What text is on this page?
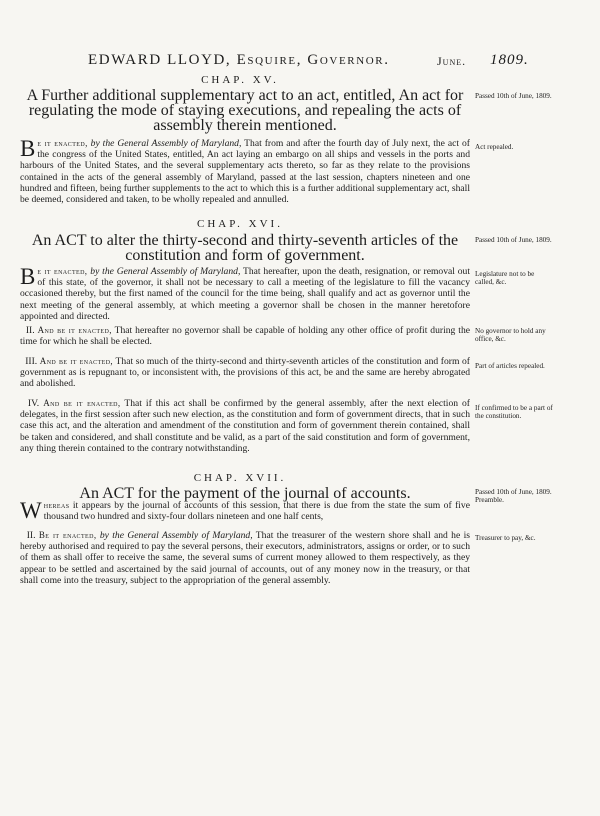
EDWARD LLOYD, Esquire, Governor.	June. 1809.
CHAP. XV.
A Further additional supplementary act to an act, entitled, An act for regulating the mode of staying executions, and repealing the acts of assembly therein mentioned.

Be it enacted, by the General Assembly of Maryland, That from and after the fourth day of July next, the act of the congress of the United States, entitled, An act laying an embargo on all ships and vessels in the ports and harbours of the United States, and the several supplementary acts thereto, so far as they relate to the provisions contained in the acts of the general assembly of Maryland, passed at the last session, chapters nineteen and one hundred and fifteen, being further supplements to the act to which this is a further additional supplementary act, shall be deemed, considered and taken, to be wholly repealed and annulled.

Passed 10th of June, 1809.
Act repealed.
CHAP. XVI.
An ACT to alter the thirty-second and thirty-seventh articles of the constitution and form of government.

Be it enacted, by the General Assembly of Maryland, That hereafter, upon the death, resignation, or removal out of this state, of the governor, it shall not be necessary to call a meeting of the legislature to fill the vacancy occasioned thereby, but the first named of the council for the time being, shall qualify and act as governor until the next meeting of the general assembly, at which meeting a governor shall be chosen in the manner heretofore appointed and directed.

II. And be it enacted, That hereafter no governor shall be capable of holding any other office of profit during the time for which he shall be elected.

III. And be it enacted, That so much of the thirty-second and thirty-seventh articles of the constitution and form of government as is repugnant to, or inconsistent with, the provisions of this act, be and the same are hereby abrogated and abolished.

IV. And be it enacted, That if this act shall be confirmed by the general assembly, after the next election of delegates, in the first session after such new election, as the constitution and form of government directs, that in such case this act, and the alteration and amendment of the constitution and form of government therein contained, shall be taken and considered, and shall constitute and be valid, as a part of the said constitution and form of government, any thing therein contained to the contrary notwithstanding.

Passed 10th of June, 1809.
Legislature not to be called, &c.
No governor to hold any office, &c.
Part of articles repealed.
If confirmed to be a part of the constitution.
CHAP. XVII.
An ACT for the payment of the journal of accounts.

Whereas it appears by the journal of accounts of this session, that there is due from the state the sum of five thousand two hundred and sixty-four dollars nineteen and one half cents,

II. Be it enacted, by the General Assembly of Maryland, That the treasurer of the western shore shall and he is hereby authorised and required to pay the several persons, their executors, administrators, assigns or order, or to such of them as shall offer to receive the same, the several sums of current money allowed to them respectively, as they appear to be settled and ascertained by the said journal of accounts, out of any money now in the treasury, or that shall come into the treasury, subject to the appropriation of the general assembly.

Passed 10th of June, 1809. Preamble.
Treasurer to pay, &c.
